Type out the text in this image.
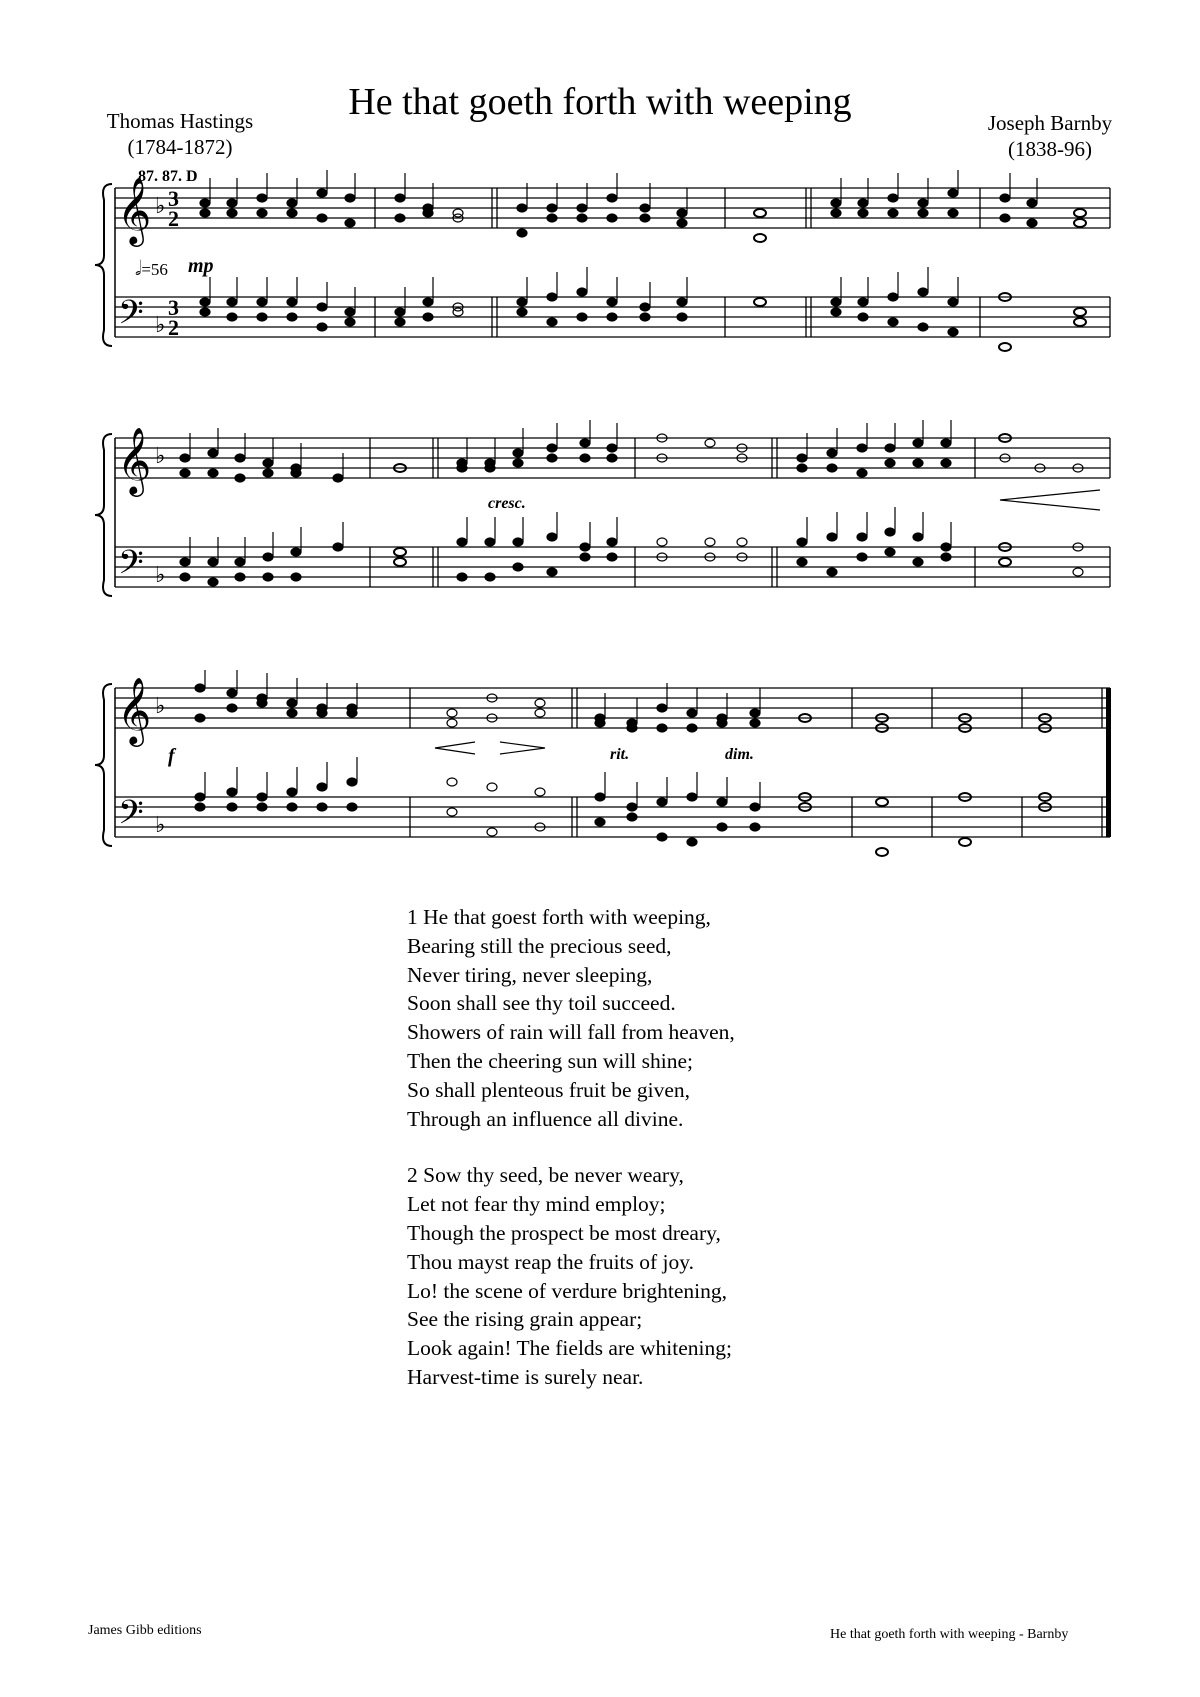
He that goeth forth with weeping
Thomas Hastings
(1784-1872)
Joseph Barnby
(1838-96)
87. 87. D
𝅗𝅥=56
𝄞
𝄢
♭
♭
3
2
3
2
mp
𝄞
𝄢
♭
♭
cresc.
𝄞
𝄢
♭
♭
f	rit.	dim.
1 He that goest forth with weeping,
Bearing still the precious seed,
Never tiring, never sleeping,
Soon shall see thy toil succeed.
Showers of rain will fall from heaven,
Then the cheering sun will shine;
So shall plenteous fruit be given,
Through an influence all divine.
2 Sow thy seed, be never weary,
Let not fear thy mind employ;
Though the prospect be most dreary,
Thou mayst reap the fruits of joy.
Lo! the scene of verdure brightening,
See the rising grain appear;
Look again! The fields are whitening;
Harvest-time is surely near.
James Gibb editions	He that goeth forth with weeping - Barnby
